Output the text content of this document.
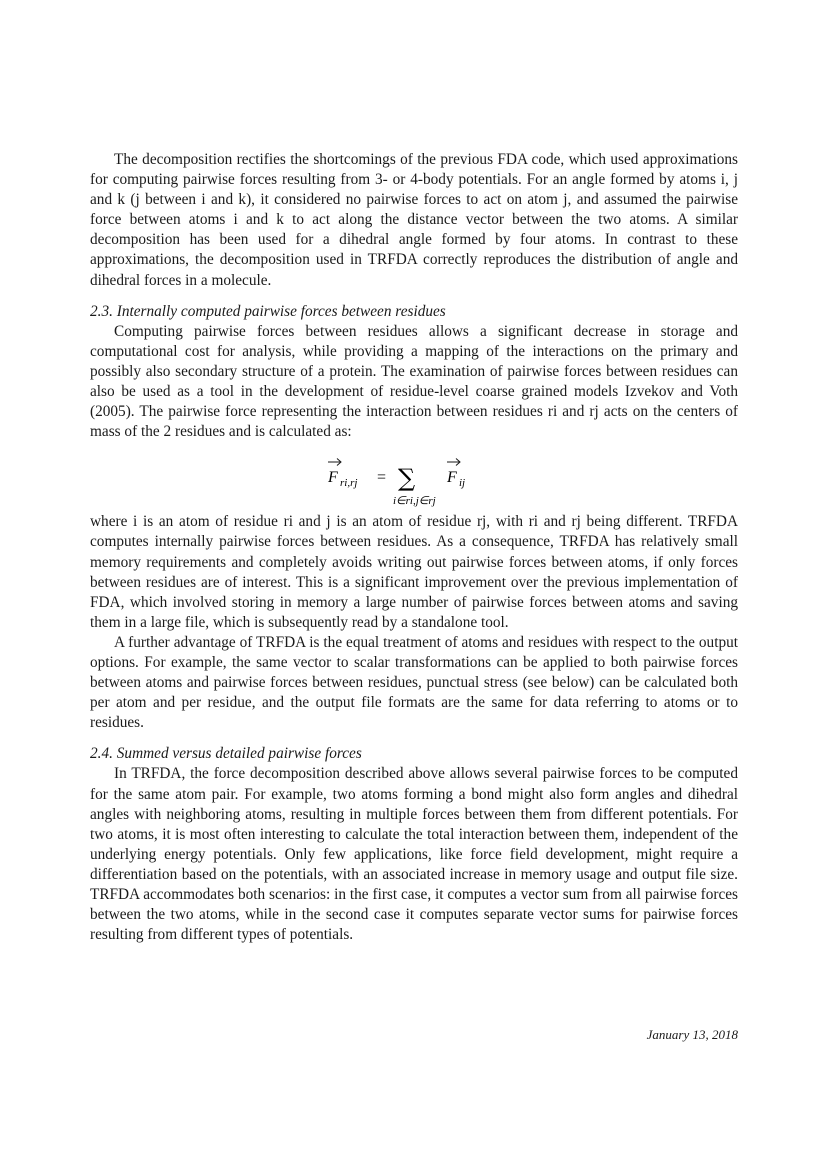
The decomposition rectifies the shortcomings of the previous FDA code, which used approximations for computing pairwise forces resulting from 3- or 4-body potentials. For an angle formed by atoms i, j and k (j between i and k), it considered no pairwise forces to act on atom j, and assumed the pairwise force between atoms i and k to act along the distance vector between the two atoms. A similar decomposition has been used for a dihedral angle formed by four atoms. In contrast to these approximations, the decomposition used in TRFDA correctly reproduces the distribution of angle and dihedral forces in a molecule.

2.3. Internally computed pairwise forces between residues

Computing pairwise forces between residues allows a significant decrease in storage and computational cost for analysis, while providing a mapping of the interactions on the primary and possibly also secondary structure of a protein. The examination of pairwise forces between residues can also be used as a tool in the development of residue-level coarse grained models Izvekov and Voth (2005). The pairwise force representing the interaction between residues ri and rj acts on the centers of mass of the 2 residues and is calculated as:

F ri,rj = ∑
i∈ri,j∈rj
F ij

where i is an atom of residue ri and j is an atom of residue rj, with ri and rj being different. TRFDA computes internally pairwise forces between residues. As a consequence, TRFDA has relatively small memory requirements and completely avoids writing out pairwise forces between atoms, if only forces between residues are of interest. This is a significant improvement over the previous implementation of FDA, which involved storing in memory a large number of pairwise forces between atoms and saving them in a large file, which is subsequently read by a standalone tool.

A further advantage of TRFDA is the equal treatment of atoms and residues with respect to the output options. For example, the same vector to scalar transformations can be applied to both pairwise forces between atoms and pairwise forces between residues, punctual stress (see below) can be calculated both per atom and per residue, and the output file formats are the same for data referring to atoms or to residues.

2.4. Summed versus detailed pairwise forces

In TRFDA, the force decomposition described above allows several pairwise forces to be computed for the same atom pair. For example, two atoms forming a bond might also form angles and dihedral angles with neighboring atoms, resulting in multiple forces between them from different potentials. For two atoms, it is most often interesting to calculate the total interaction between them, independent of the underlying energy potentials. Only few applications, like force field development, might require a differentiation based on the potentials, with an associated increase in memory usage and output file size. TRFDA accommodates both scenarios: in the first case, it computes a vector sum from all pairwise forces between the two atoms, while in the second case it computes separate vector sums for pairwise forces resulting from different types of potentials.

January 13, 2018
